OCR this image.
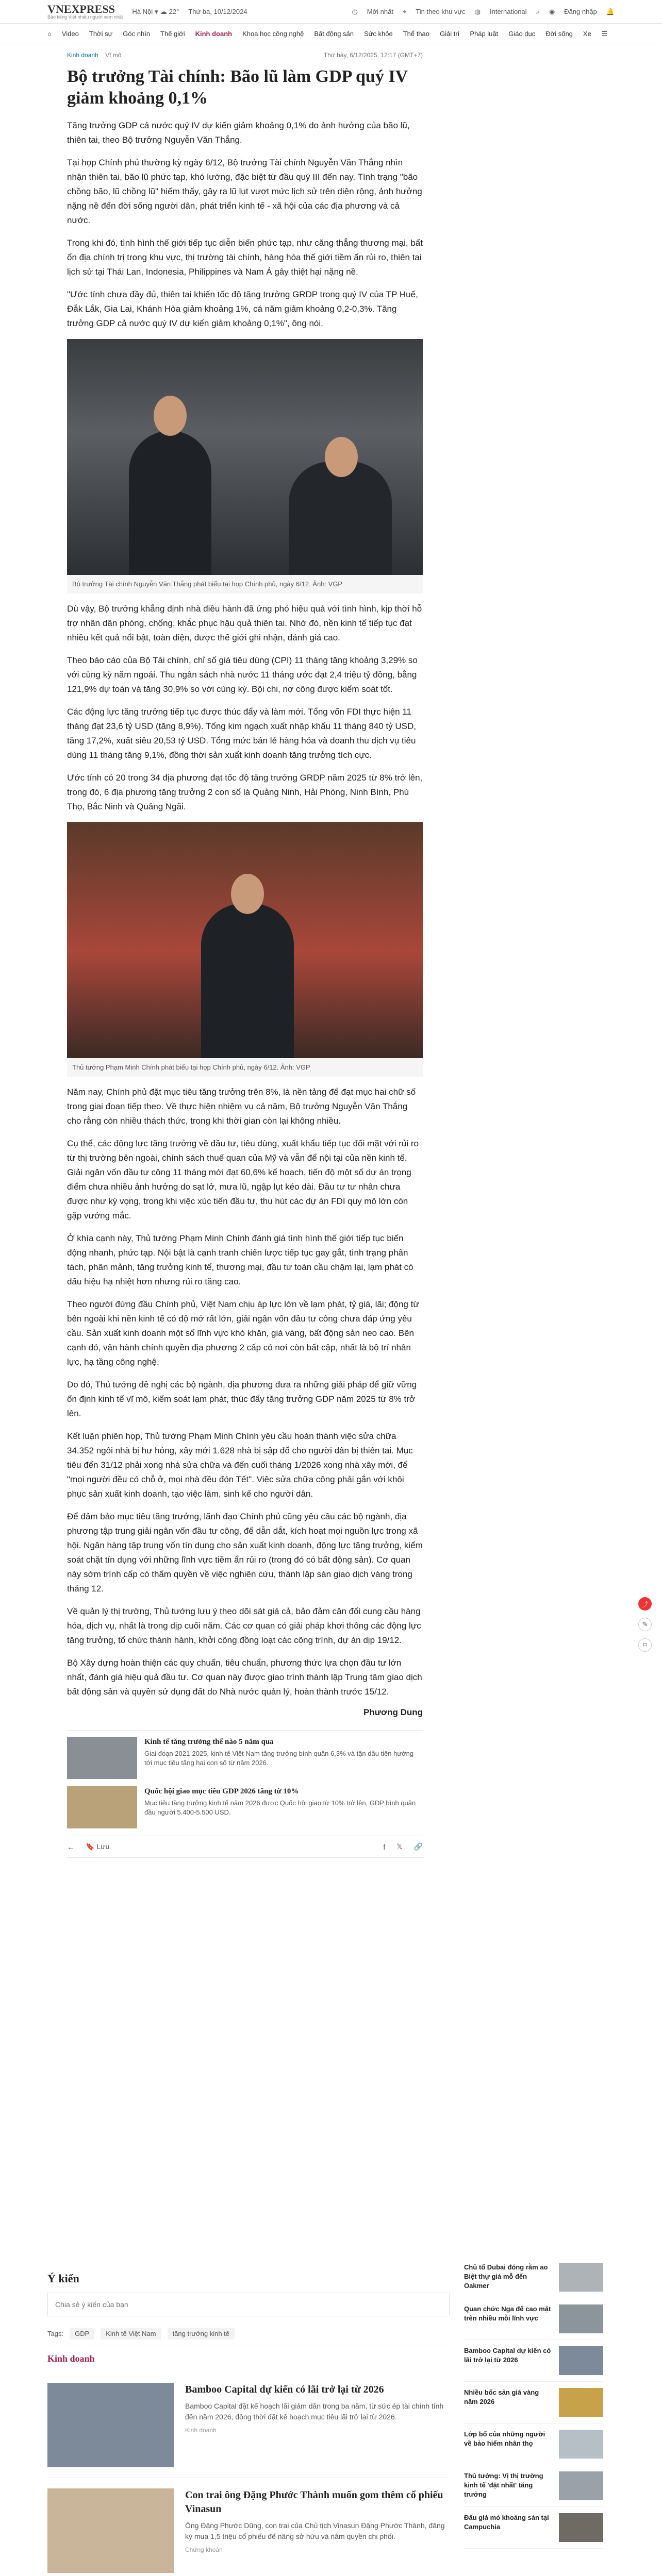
VNEXPRESS
Báo tiếng Việt nhiều người xem nhất
Hà Nội ▾ ☁ 22° Thứ ba, 10/12/2024	◷ Mới nhất ⌖ Tin theo khu vực ◍ International ⌕ ◉ Đăng nhập 🔔
⌂ Video Thời sự Góc nhìn Thế giới Kinh doanh Khoa học công nghệ Bất động sản Sức khỏe Thể thao Giải trí Pháp luật Giáo dục Đời sống Xe ☰
Kinh doanh Vĩ mô	Thứ bảy, 6/12/2025, 12:17 (GMT+7)
Bộ trưởng Tài chính: Bão lũ làm GDP quý IV giảm khoảng 0,1%

Tăng trưởng GDP cả nước quý IV dự kiến giảm khoảng 0,1% do ảnh hưởng của bão lũ, thiên tai, theo Bộ trưởng Nguyễn Văn Thắng.

Tại họp Chính phủ thường kỳ ngày 6/12, Bộ trưởng Tài chính Nguyễn Văn Thắng nhìn nhận thiên tai, bão lũ phức tạp, khó lường, đặc biệt từ đầu quý III đến nay. Tình trạng "bão chồng bão, lũ chồng lũ" hiếm thấy, gây ra lũ lụt vượt mức lịch sử trên diện rộng, ảnh hưởng nặng nề đến đời sống người dân, phát triển kinh tế - xã hội của các địa phương và cả nước.

Trong khi đó, tình hình thế giới tiếp tục diễn biến phức tạp, như căng thẳng thương mại, bất ổn địa chính trị trong khu vực, thị trường tài chính, hàng hóa thế giới tiềm ẩn rủi ro, thiên tai lịch sử tại Thái Lan, Indonesia, Philippines và Nam Á gây thiệt hại nặng nề.

"Ước tính chưa đầy đủ, thiên tai khiến tốc độ tăng trưởng GRDP trong quý IV của TP Huế, Đắk Lắk, Gia Lai, Khánh Hòa giảm khoảng 1%, cá năm giảm khoảng 0,2-0,3%. Tăng trưởng GDP cả nước quý IV dự kiến giảm khoảng 0,1%", ông nói.

Bộ trưởng Tài chính Nguyễn Văn Thắng phát biểu tại họp Chính phủ, ngày 6/12. Ảnh: VGP

Dù vậy, Bộ trưởng khẳng định nhà điều hành đã ứng phó hiệu quả với tình hình, kịp thời hỗ trợ nhân dân phòng, chống, khắc phục hậu quả thiên tai. Nhờ đó, nền kinh tế tiếp tục đạt nhiều kết quả nổi bật, toàn diện, được thế giới ghi nhận, đánh giá cao.

Theo báo cáo của Bộ Tài chính, chỉ số giá tiêu dùng (CPI) 11 tháng tăng khoảng 3,29% so với cùng kỳ năm ngoái. Thu ngân sách nhà nước 11 tháng ước đạt 2,4 triệu tỷ đồng, bằng 121,9% dự toán và tăng 30,9% so với cùng kỳ. Bội chi, nợ công được kiểm soát tốt.

Các động lực tăng trưởng tiếp tục được thúc đẩy và làm mới. Tổng vốn FDI thực hiện 11 tháng đạt 23,6 tỷ USD (tăng 8,9%). Tổng kim ngạch xuất nhập khẩu 11 tháng 840 tỷ USD, tăng 17,2%, xuất siêu 20,53 tỷ USD. Tổng mức bán lẻ hàng hóa và doanh thu dịch vụ tiêu dùng 11 tháng tăng 9,1%, đồng thời sản xuất kinh doanh tăng trưởng tích cực.

Ước tính có 20 trong 34 địa phương đạt tốc độ tăng trưởng GRDP năm 2025 từ 8% trở lên, trong đó, 6 địa phương tăng trưởng 2 con số là Quảng Ninh, Hải Phòng, Ninh Bình, Phú Thọ, Bắc Ninh và Quảng Ngãi.

Thủ tướng Phạm Minh Chính phát biểu tại họp Chính phủ, ngày 6/12. Ảnh: VGP

Năm nay, Chính phủ đặt mục tiêu tăng trưởng trên 8%, là nền tảng để đạt mục hai chữ số trong giai đoạn tiếp theo. Về thực hiện nhiệm vụ cả năm, Bộ trưởng Nguyễn Văn Thắng cho rằng còn nhiều thách thức, trong khi thời gian còn lại không nhiều.

Cụ thể, các động lực tăng trưởng về đầu tư, tiêu dùng, xuất khẩu tiếp tục đối mặt với rủi ro từ thị trường bên ngoài, chính sách thuế quan của Mỹ và vẫn để nội tại của nền kinh tế. Giải ngân vốn đầu tư công 11 tháng mới đạt 60,6% kế hoạch, tiến độ một số dự án trọng điểm chưa nhiều ảnh hưởng do sạt lở, mưa lũ, ngập lụt kéo dài. Đầu tư tư nhân chưa được như kỳ vọng, trong khi việc xúc tiến đầu tư, thu hút các dự án FDI quy mô lớn còn gặp vướng mắc.

Ở khía cạnh này, Thủ tướng Phạm Minh Chính đánh giá tình hình thế giới tiếp tục biến động nhanh, phức tạp. Nội bật là cạnh tranh chiến lược tiếp tục gay gắt, tình trạng phân tách, phân mảnh, tăng trưởng kinh tế, thương mại, đầu tư toàn cầu chậm lại, lạm phát có dấu hiệu hạ nhiệt hơn nhưng rủi ro tăng cao.

Theo người đứng đầu Chính phủ, Việt Nam chịu áp lực lớn về lạm phát, tỷ giá, lãi; động từ bên ngoài khi nền kinh tế có độ mở rất lớn, giải ngân vốn đầu tư công chưa đáp ứng yêu cầu. Sản xuất kinh doanh một số lĩnh vực khó khăn, giá vàng, bất động sản neo cao. Bên cạnh đó, vận hành chính quyền địa phương 2 cấp có nơi còn bất cập, nhất là bộ trí nhân lực, hạ tầng công nghệ.

Do đó, Thủ tướng đề nghị các bộ ngành, địa phương đưa ra những giải pháp để giữ vững ổn định kinh tế vĩ mô, kiểm soát lạm phát, thúc đẩy tăng trưởng GDP năm 2025 từ 8% trở lên.

Kết luận phiên họp, Thủ tướng Phạm Minh Chính yêu cầu hoàn thành việc sửa chữa 34.352 ngôi nhà bị hư hỏng, xây mới 1.628 nhà bị sập đổ cho người dân bị thiên tai. Mục tiêu đến 31/12 phải xong nhà sửa chữa và đến cuối tháng 1/2026 xong nhà xây mới, để "mọi người đều có chỗ ở, mọi nhà đều đón Tết". Việc sửa chữa công phải gắn với khôi phục sản xuất kinh doanh, tạo việc làm, sinh kế cho người dân.

Để đảm bảo mục tiêu tăng trưởng, lãnh đạo Chính phủ cũng yêu cầu các bộ ngành, địa phương tập trung giải ngân vốn đầu tư công, để dẫn dắt, kích hoạt mọi nguồn lực trong xã hội. Ngân hàng tập trung vốn tín dụng cho sản xuất kinh doanh, động lực tăng trưởng, kiểm soát chặt tín dụng với những lĩnh vực tiềm ẩn rủi ro (trong đó có bất động sản). Cơ quan này sớm trình cấp có thẩm quyền về việc nghiên cứu, thành lập sàn giao dịch vàng trong tháng 12.

Về quản lý thị trường, Thủ tướng lưu ý theo dõi sát giá cả, bảo đảm cân đối cung cầu hàng hóa, dịch vụ, nhất là trong dịp cuối năm. Các cơ quan có giải pháp khơi thông các động lực tăng trưởng, tổ chức thành hành, khởi công đồng loạt các công trình, dự án dịp 19/12.

Bộ Xây dựng hoàn thiện các quy chuẩn, tiêu chuẩn, phương thức lựa chọn đầu tư lớn nhất, đánh giá hiệu quả đầu tư. Cơ quan này được giao trình thành lập Trung tâm giao dịch bất động sản và quyền sử dụng đất do Nhà nước quản lý, hoàn thành trước 15/12.

Phương Dung

Kinh tế tăng trưởng thế nào 5 năm qua
Giai đoạn 2021-2025, kinh tế Việt Nam tăng trưởng bình quân 6,3% và tận dầu tiên hướng tới mục tiêu tăng hai con số từ năm 2026.
Quốc hội giao mục tiêu GDP 2026 tăng từ 10%
Mục tiêu tăng trưởng kinh tế năm 2026 được Quốc hội giao từ 10% trở lên, GDP bình quân đầu người 5.400-5.500 USD.
← 🔖 Lưu	f 𝕏 🔗
Ý kiến
Chia sẻ ý kiến của bạn
Tags:	GDP	Kinh tế Việt Nam	tăng trưởng kinh tế
Kinh doanh
Bamboo Capital dự kiến có lãi trở lại từ 2026
Bamboo Capital đặt kế hoạch lãi giảm dần trong ba năm, từ sức ép tài chính tính đến năm 2026, đồng thời đặt kế hoạch mục tiêu lãi trở lại từ 2026.
Kinh doanh
Con trai ông Đặng Phước Thành muốn gom thêm cổ phiếu Vinasun
Ông Đặng Phước Dũng, con trai của Chủ tịch Vinasun Đặng Phước Thành, đăng ký mua 1,5 triệu cổ phiếu để nâng sở hữu và nắm quyền chi phối.
Chứng khoán
Chủ tổ Dubai đóng rằm ao Biệt thự giá mỗ đến Oakmer
Quan chức Nga để cao mặt trên nhiều mỗi lĩnh vực
Bamboo Capital dự kiến có lãi trở lại từ 2026
Nhiều bốc sản giá vàng năm 2026
Lớp bổ của những người về bảo hiểm nhân thọ
Thủ tướng: Vị thị trường kinh tế 'đặt nhất' tăng trưởng
Đấu giá mỏ khoáng sản tại Campuchia
⤴
✎
⌑
